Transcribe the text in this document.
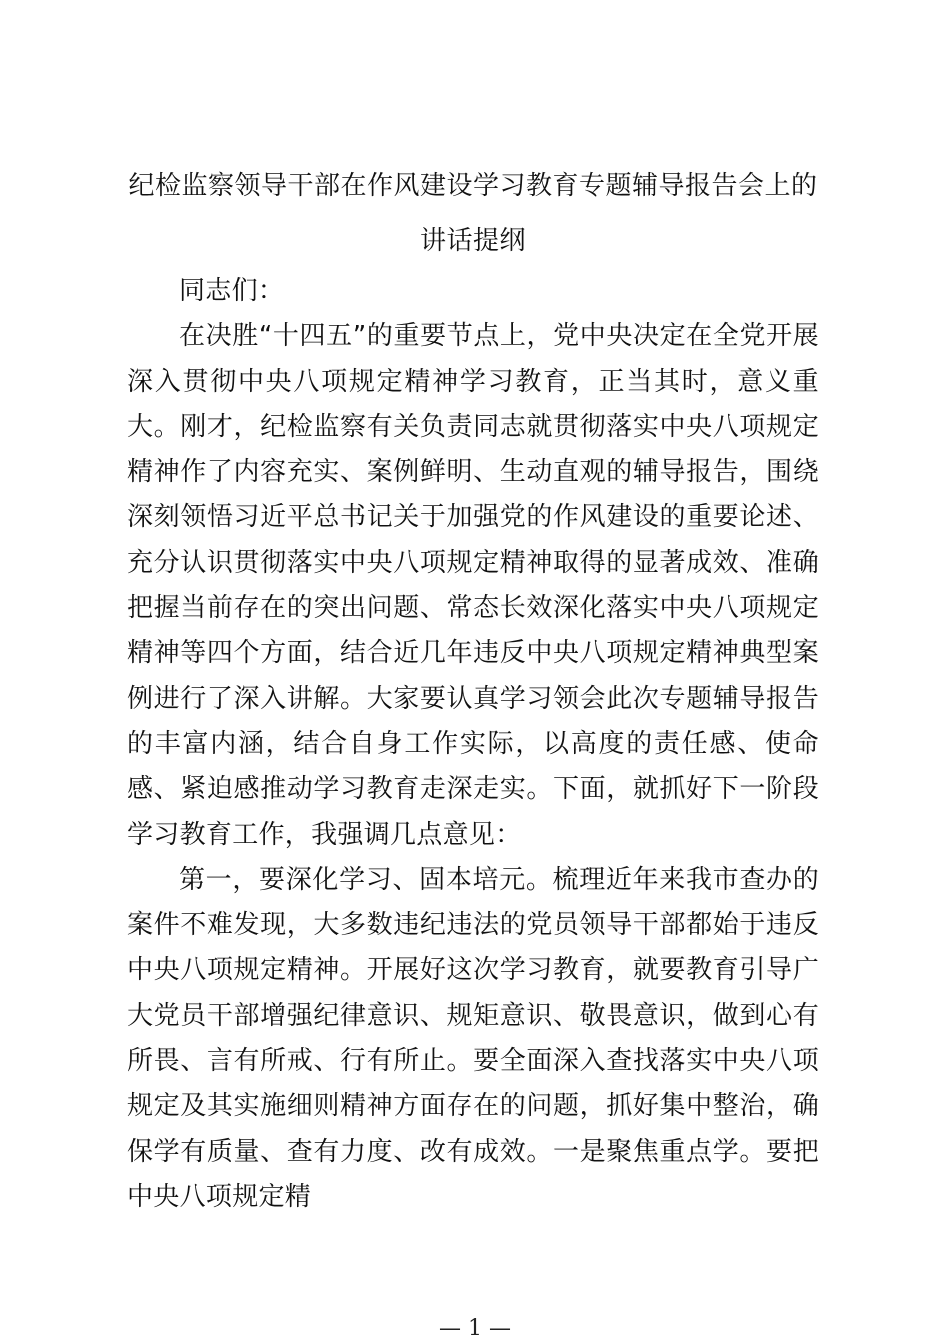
纪检监察领导干部在作风建设学习教育专题辅导报告会上的讲话提纲

同志们：

在决胜“十四五”的重要节点上，党中央决定在全党开展深入贯彻中央八项规定精神学习教育，正当其时，意义重大。刚才，纪检监察有关负责同志就贯彻落实中央八项规定精神作了内容充实、案例鲜明、生动直观的辅导报告，围绕深刻领悟习近平总书记关于加强党的作风建设的重要论述、充分认识贯彻落实中央八项规定精神取得的显著成效、准确把握当前存在的突出问题、常态长效深化落实中央八项规定精神等四个方面，结合近几年违反中央八项规定精神典型案例进行了深入讲解。大家要认真学习领会此次专题辅导报告的丰富内涵，结合自身工作实际，以高度的责任感、使命感、紧迫感推动学习教育走深走实。下面，就抓好下一阶段学习教育工作，我强调几点意见：

第一，要深化学习、固本培元。梳理近年来我市查办的案件不难发现，大多数违纪违法的党员领导干部都始于违反中央八项规定精神。开展好这次学习教育，就要教育引导广大党员干部增强纪律意识、规矩意识、敬畏意识，做到心有所畏、言有所戒、行有所止。要全面深入查找落实中央八项规定及其实施细则精神方面存在的问题，抓好集中整治，确保学有质量、查有力度、改有成效。一是聚焦重点学。要把中央八项规定精

— 1 —
